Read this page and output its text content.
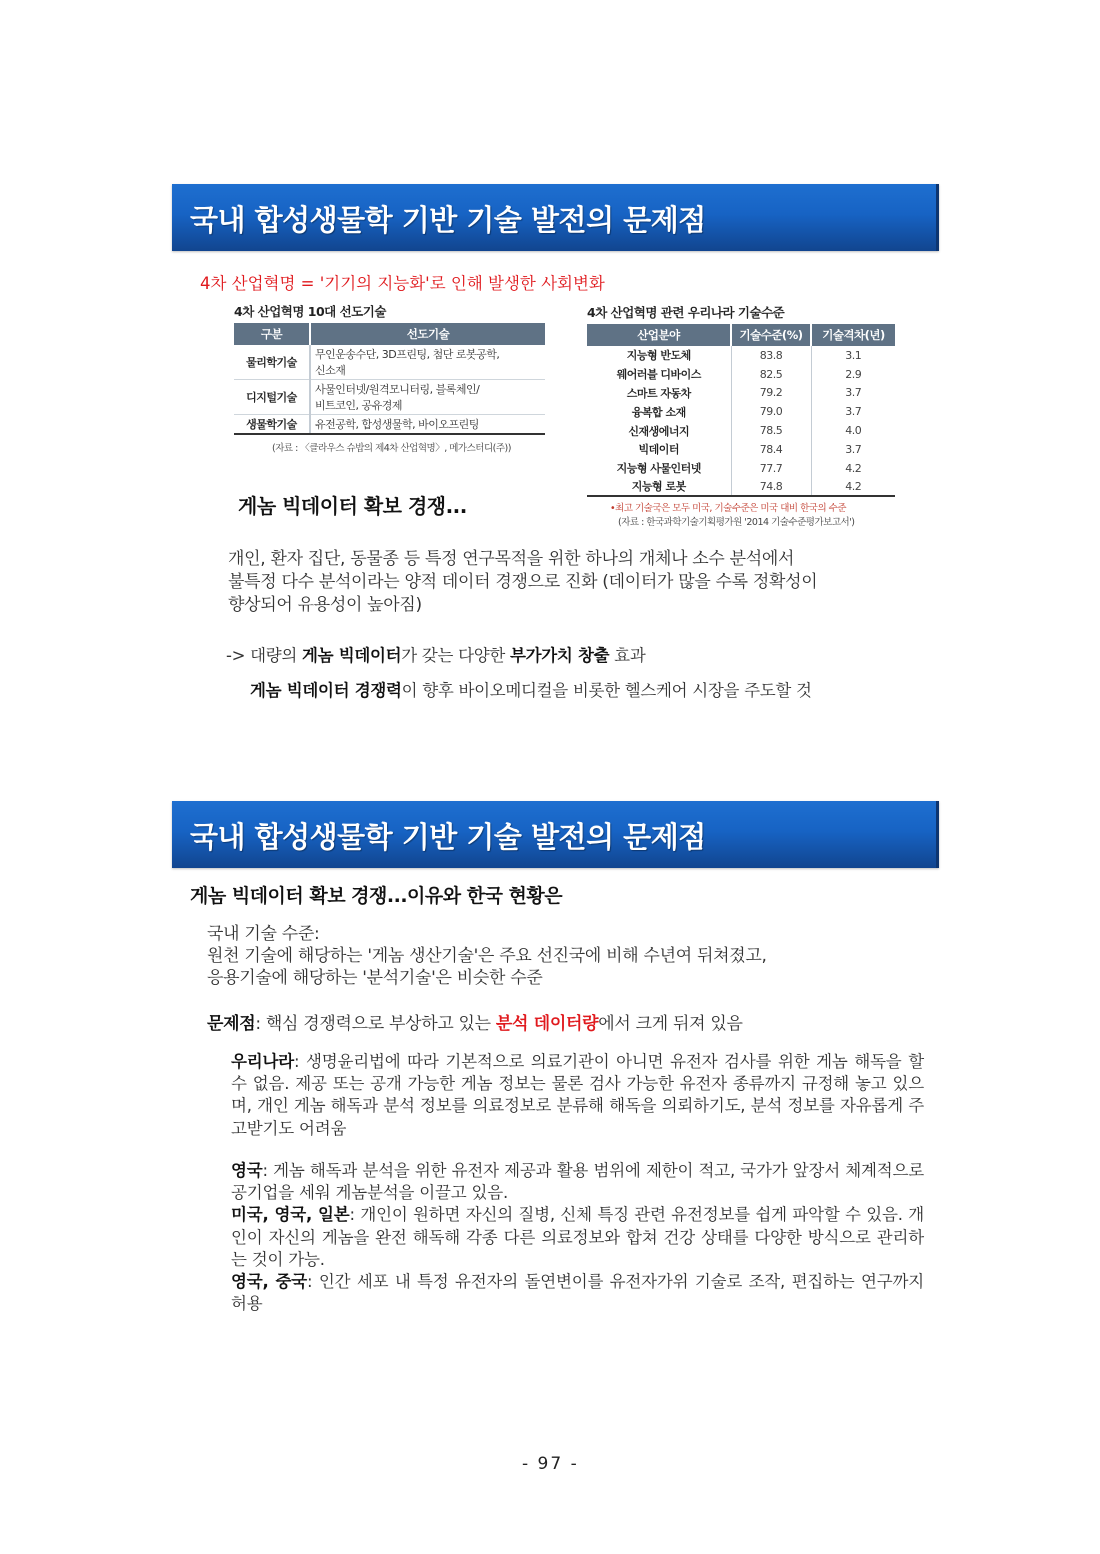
국내 합성생물학 기반 기술 발전의 문제점
4차 산업혁명 = '기기의 지능화'로 인해 발생한 사회변화
4차 산업혁명 10대 선도기술
구분	선도기술
물리학기술	무인운송수단, 3D프린팅, 첨단 로봇공학,
신소재

디지털기술	사물인터넷/원격모니터링, 블록체인/
비트코인, 공유경제

생물학기술	유전공학, 합성생물학, 바이오프린팅
(자료 : 〈클라우스 슈밥의 제4차 산업혁명〉, 메가스터디(주))
4차 산업혁명 관련 우리나라 기술수준
산업분야	기술수준(%)	기술격차(년)
지능형 반도체	83.8	3.1
웨어러블 디바이스	82.5	2.9
스마트 자동차	79.2	3.7
융복합 소재	79.0	3.7
신재생에너지	78.5	4.0
빅데이터	78.4	3.7
지능형 사물인터넷	77.7	4.2
지능형 로봇	74.8	4.2
•최고 기술국은 모두 미국, 기술수준은 미국 대비 한국의 수준
(자료 : 한국과학기술기획평가원 '2014 기술수준평가보고서')
게놈 빅데이터 확보 경쟁...
개인, 환자 집단, 동물종 등 특정 연구목적을 위한 하나의 개체나 소수 분석에서
불특정 다수 분석이라는 양적 데이터 경쟁으로 진화 (데이터가 많을 수록 정확성이
향상되어 유용성이 높아짐)
-> 대량의 게놈 빅데이터가 갖는 다양한 부가가치 창출 효과
게놈 빅데이터 경쟁력이 향후 바이오메디컬을 비롯한 헬스케어 시장을 주도할 것
국내 합성생물학 기반 기술 발전의 문제점
게놈 빅데이터 확보 경쟁...이유와 한국 현황은
국내 기술 수준:
원천 기술에 해당하는 '게놈 생산기술'은 주요 선진국에 비해 수년여 뒤쳐졌고,
응용기술에 해당하는 '분석기술'은 비슷한 수준
문제점: 핵심 경쟁력으로 부상하고 있는 분석 데이터량에서 크게 뒤져 있음
우리나라: 생명윤리법에 따라 기본적으로 의료기관이 아니면 유전자 검사를 위한 게놈 해독을 할 수 없음. 제공 또는 공개 가능한 게놈 정보는 물론 검사 가능한 유전자 종류까지 규정해 놓고 있으며, 개인 게놈 해독과 분석 정보를 의료정보로 분류해 해독을 의뢰하기도, 분석 정보를 자유롭게 주고받기도 어려움
영국: 게놈 해독과 분석을 위한 유전자 제공과 활용 범위에 제한이 적고, 국가가 앞장서 체계적으로 공기업을 세워 게놈분석을 이끌고 있음.
미국, 영국, 일본: 개인이 원하면 자신의 질병, 신체 특징 관련 유전정보를 쉽게 파악할 수 있음. 개인이 자신의 게놈을 완전 해독해 각종 다른 의료정보와 합쳐 건강 상태를 다양한 방식으로 관리하는 것이 가능.
영국, 중국: 인간 세포 내 특정 유전자의 돌연변이를 유전자가위 기술로 조작, 편집하는 연구까지 허용
- 97 -
